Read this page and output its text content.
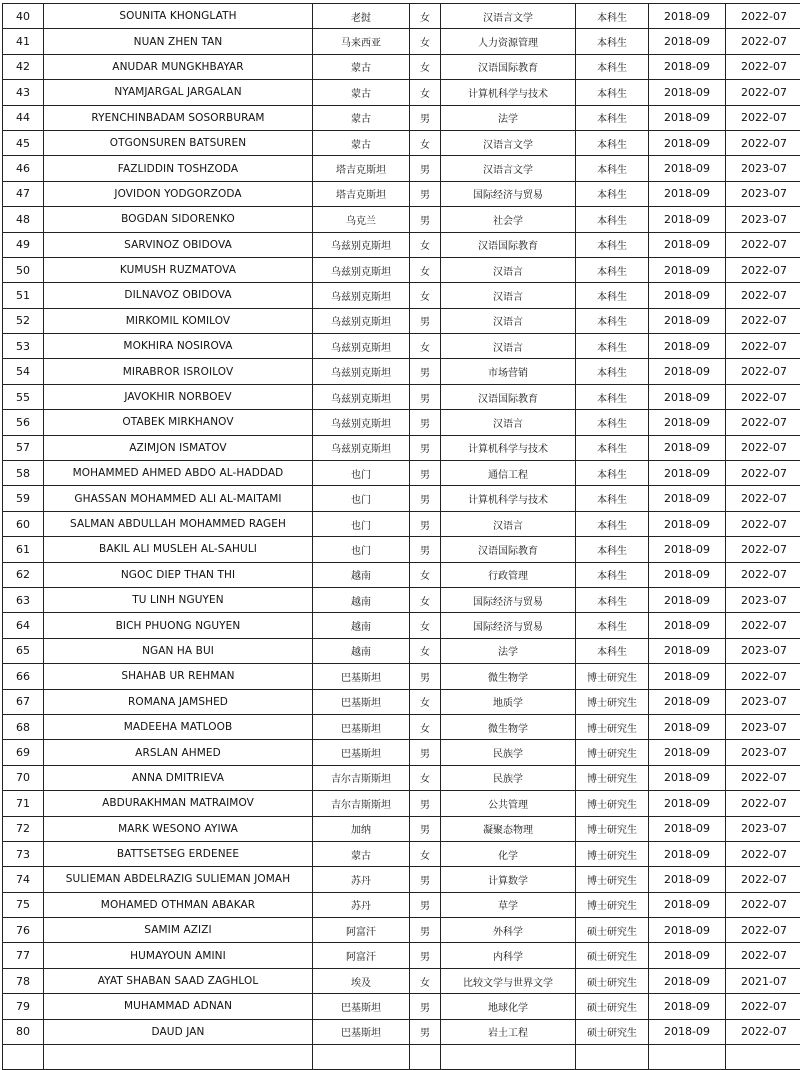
40	SOUNITA KHONGLATH	老挝	女	汉语言文学	本科生	2018-09	2022-07
41	NUAN ZHEN TAN	马来西亚	女	人力资源管理	本科生	2018-09	2022-07
42	ANUDAR MUNGKHBAYAR	蒙古	女	汉语国际教育	本科生	2018-09	2022-07
43	NYAMJARGAL JARGALAN	蒙古	女	计算机科学与技术	本科生	2018-09	2022-07
44	RYENCHINBADAM SOSORBURAM	蒙古	男	法学	本科生	2018-09	2022-07
45	OTGONSUREN BATSUREN	蒙古	女	汉语言文学	本科生	2018-09	2022-07
46	FAZLIDDIN TOSHZODA	塔吉克斯坦	男	汉语言文学	本科生	2018-09	2023-07
47	JOVIDON YODGORZODA	塔吉克斯坦	男	国际经济与贸易	本科生	2018-09	2023-07
48	BOGDAN SIDORENKO	乌克兰	男	社会学	本科生	2018-09	2023-07
49	SARVINOZ OBIDOVA	乌兹别克斯坦	女	汉语国际教育	本科生	2018-09	2022-07
50	KUMUSH RUZMATOVA	乌兹别克斯坦	女	汉语言	本科生	2018-09	2022-07
51	DILNAVOZ OBIDOVA	乌兹别克斯坦	女	汉语言	本科生	2018-09	2022-07
52	MIRKOMIL KOMILOV	乌兹别克斯坦	男	汉语言	本科生	2018-09	2022-07
53	MOKHIRA NOSIROVA	乌兹别克斯坦	女	汉语言	本科生	2018-09	2022-07
54	MIRABROR ISROILOV	乌兹别克斯坦	男	市场营销	本科生	2018-09	2022-07
55	JAVOKHIR NORBOEV	乌兹别克斯坦	男	汉语国际教育	本科生	2018-09	2022-07
56	OTABEK MIRKHANOV	乌兹别克斯坦	男	汉语言	本科生	2018-09	2022-07
57	AZIMJON ISMATOV	乌兹别克斯坦	男	计算机科学与技术	本科生	2018-09	2022-07
58	MOHAMMED AHMED ABDO AL-HADDAD	也门	男	通信工程	本科生	2018-09	2022-07
59	GHASSAN MOHAMMED ALI AL-MAITAMI	也门	男	计算机科学与技术	本科生	2018-09	2022-07
60	SALMAN ABDULLAH MOHAMMED RAGEH	也门	男	汉语言	本科生	2018-09	2022-07
61	BAKIL ALI MUSLEH AL-SAHULI	也门	男	汉语国际教育	本科生	2018-09	2022-07
62	NGOC DIEP THAN THI	越南	女	行政管理	本科生	2018-09	2022-07
63	TU LINH NGUYEN	越南	女	国际经济与贸易	本科生	2018-09	2023-07
64	BICH PHUONG NGUYEN	越南	女	国际经济与贸易	本科生	2018-09	2022-07
65	NGAN HA BUI	越南	女	法学	本科生	2018-09	2023-07
66	SHAHAB UR REHMAN	巴基斯坦	男	微生物学	博士研究生	2018-09	2022-07
67	ROMANA JAMSHED	巴基斯坦	女	地质学	博士研究生	2018-09	2023-07
68	MADEEHA MATLOOB	巴基斯坦	女	微生物学	博士研究生	2018-09	2023-07
69	ARSLAN AHMED	巴基斯坦	男	民族学	博士研究生	2018-09	2023-07
70	ANNA DMITRIEVA	吉尔吉斯斯坦	女	民族学	博士研究生	2018-09	2022-07
71	ABDURAKHMAN MATRAIMOV	吉尔吉斯斯坦	男	公共管理	博士研究生	2018-09	2022-07
72	MARK WESONO AYIWA	加纳	男	凝聚态物理	博士研究生	2018-09	2023-07
73	BATTSETSEG ERDENEE	蒙古	女	化学	博士研究生	2018-09	2022-07
74	SULIEMAN ABDELRAZIG SULIEMAN JOMAH	苏丹	男	计算数学	博士研究生	2018-09	2022-07
75	MOHAMED OTHMAN ABAKAR	苏丹	男	草学	博士研究生	2018-09	2022-07
76	SAMIM AZIZI	阿富汗	男	外科学	硕士研究生	2018-09	2022-07
77	HUMAYOUN AMINI	阿富汗	男	内科学	硕士研究生	2018-09	2022-07
78	AYAT SHABAN SAAD ZAGHLOL	埃及	女	比较文学与世界文学	硕士研究生	2018-09	2021-07
79	MUHAMMAD ADNAN	巴基斯坦	男	地球化学	硕士研究生	2018-09	2022-07
80	DAUD JAN	巴基斯坦	男	岩土工程	硕士研究生	2018-09	2022-07
